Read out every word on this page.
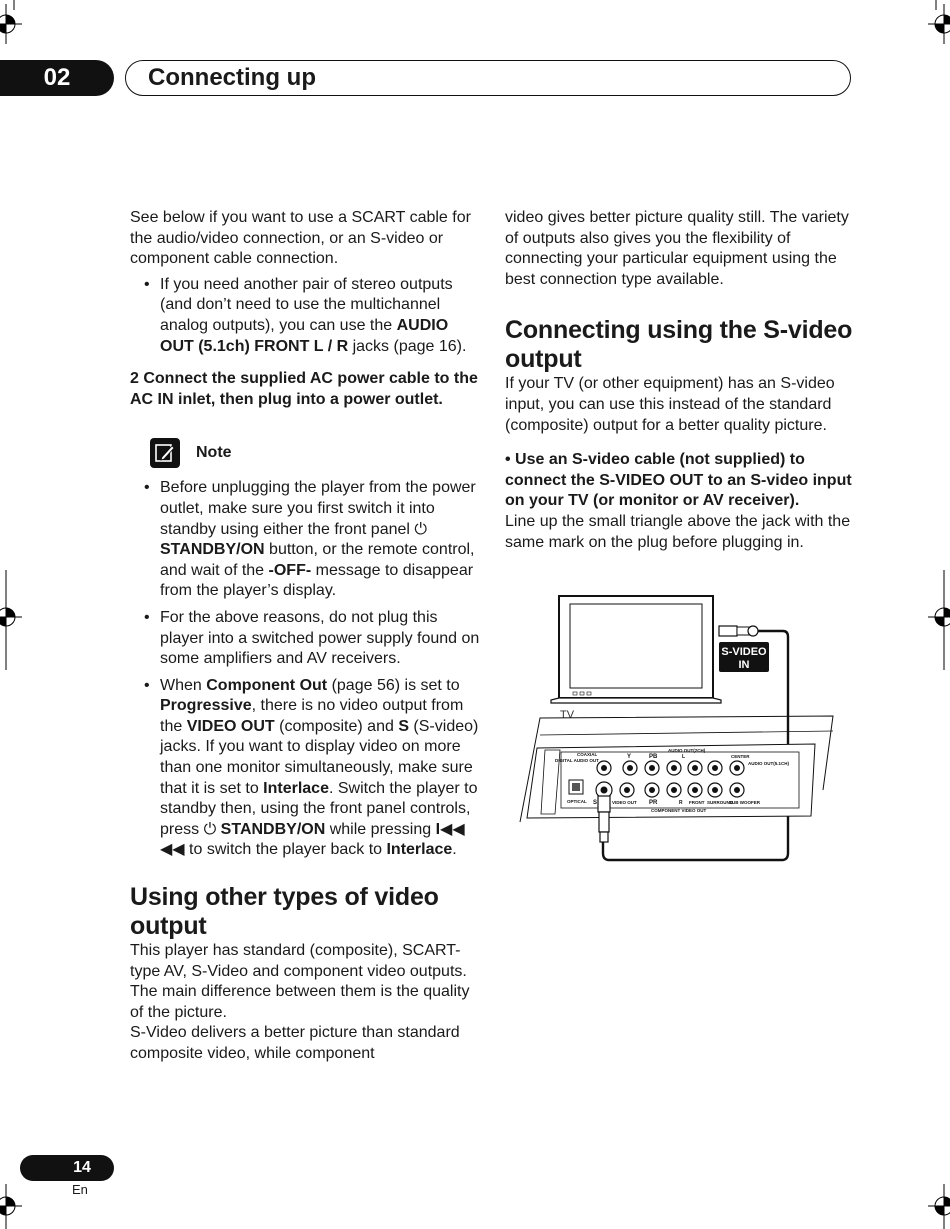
02	Connecting up

See below if you want to use a SCART cable for the audio/video connection, or an S-video or component cable connection.

• If you need another pair of stereo outputs (and don’t need to use the multichannel analog outputs), you can use the AUDIO OUT (5.1ch) FRONT L / R jacks (page 16).

2 Connect the supplied AC power cable to the AC IN inlet, then plug into a power outlet.

Note
• Before unplugging the player from the power outlet, make sure you first switch it into standby using either the front panel ⏻ STANDBY/ON button, or the remote control, and wait of the -OFF- message to disappear from the player’s display.
• For the above reasons, do not plug this player into a switched power supply found on some amplifiers and AV receivers.
• When Component Out (page 56) is set to Progressive, there is no video output from the VIDEO OUT (composite) and S (S-video) jacks. If you want to display video on more than one monitor simultaneously, make sure that it is set to Interlace. Switch the player to standby then, using the front panel controls, press ⏻ STANDBY/ON while pressing I◀◀ ◀◀ to switch the player back to Interlace.
Using other types of video output

This player has standard (composite), SCART-type AV, S-Video and component video outputs. The main difference between them is the quality of the picture.

S-Video delivers a better picture than standard composite video, while component

video gives better picture quality still. The variety of outputs also gives you the flexibility of connecting your particular equipment using the best connection type available.

Connecting using the S-video output

If your TV (or other equipment) has an S-video input, you can use this instead of the standard (composite) output for a better quality picture.

• Use an S-video cable (not supplied) to connect the S-VIDEO OUT to an S-video input on your TV (or monitor or AV receiver).

Line up the small triangle above the jack with the same mark on the plug before plugging in.

TV
S-VIDEO
IN
DIGITAL AUDIO OUT
COAXIAL
OPTICAL	VIDEO OUT
S
Y	PB
PR
COMPONENT VIDEO OUT
AUDIO OUT(2CH)
L
R FRONT SURROUND
CENTER
SUB WOOFER
AUDIO OUT(5.1CH)
14
En
